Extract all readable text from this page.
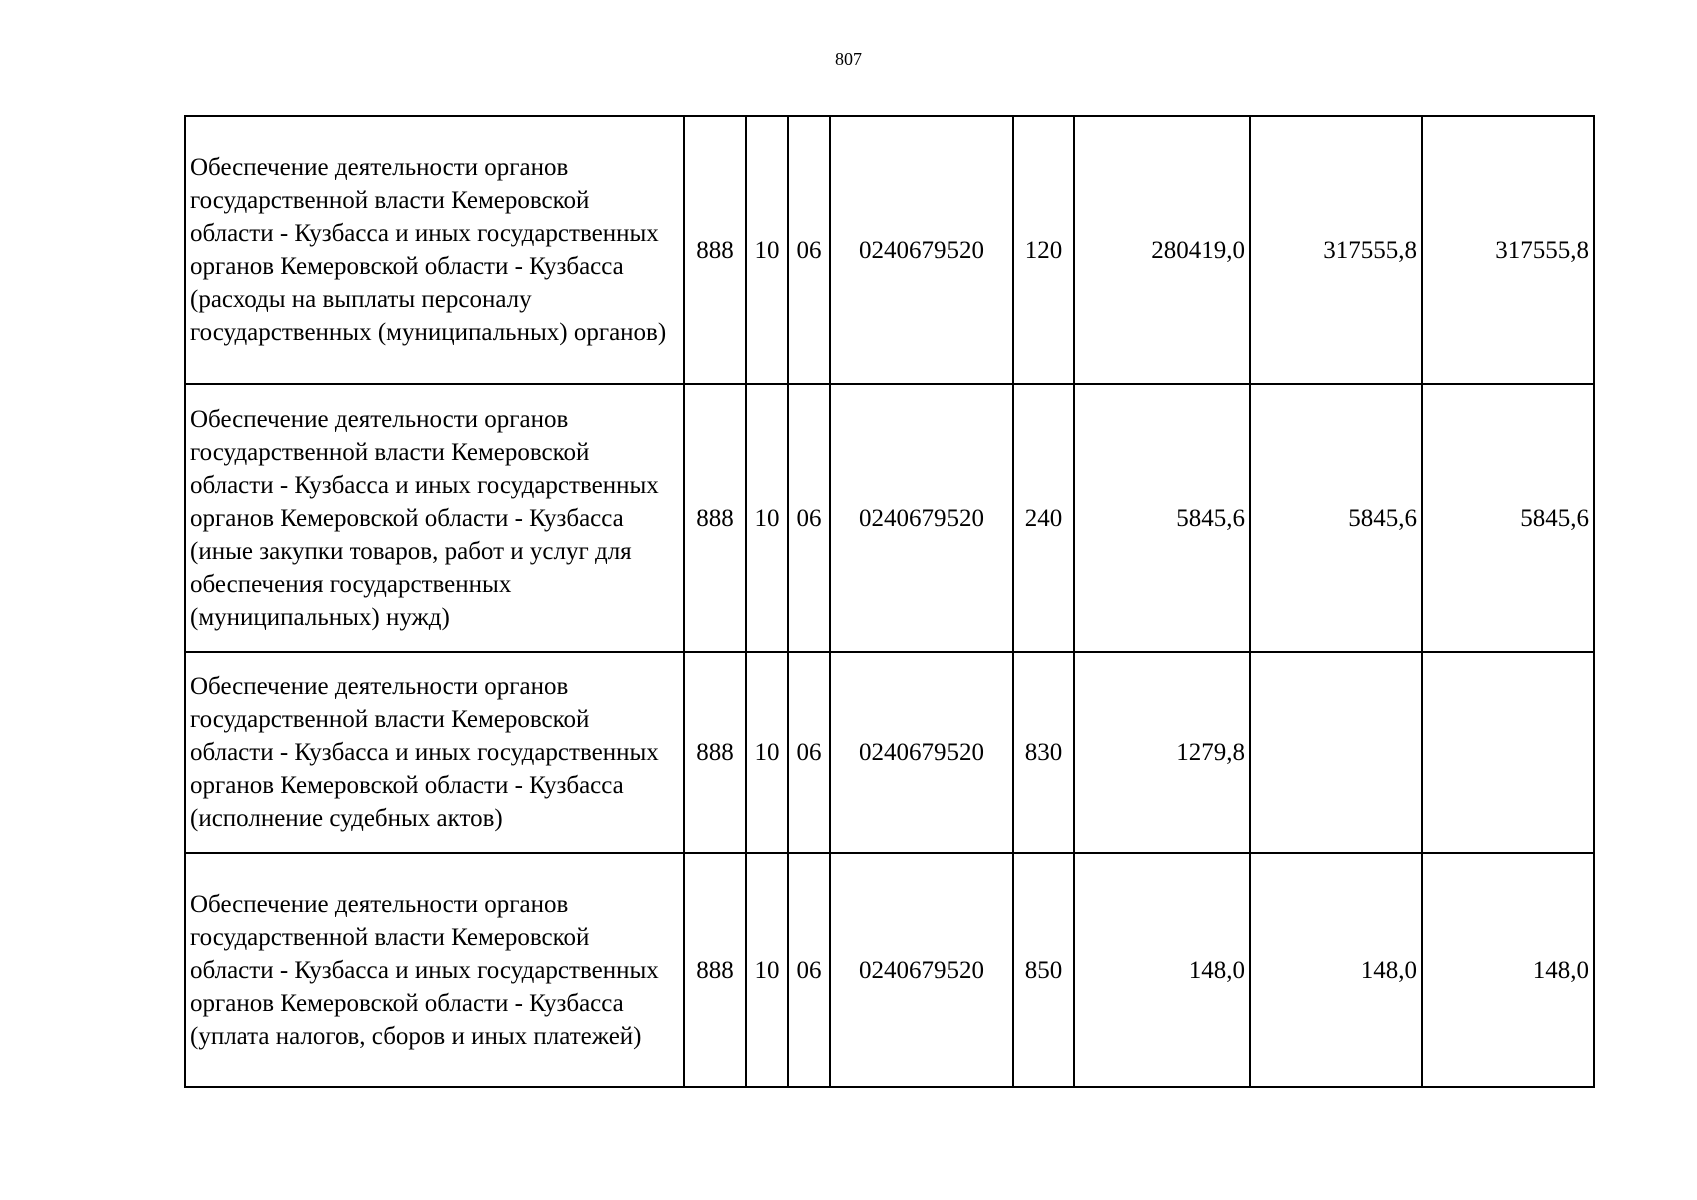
807
Обеспечение деятельности органов государственной власти Кемеровской области - Кузбасса и иных государственных органов Кемеровской области - Кузбасса (расходы на выплаты персоналу государственных (муниципальных) органов)	888	10	06	0240679520	120	280419,0	317555,8	317555,8
Обеспечение деятельности органов государственной власти Кемеровской области - Кузбасса и иных государственных органов Кемеровской области - Кузбасса (иные закупки товаров, работ и услуг для обеспечения государственных (муниципальных) нужд)	888	10	06	0240679520	240	5845,6	5845,6	5845,6
Обеспечение деятельности органов государственной власти Кемеровской области - Кузбасса и иных государственных органов Кемеровской области - Кузбасса (исполнение судебных актов)	888	10	06	0240679520	830	1279,8		
Обеспечение деятельности органов государственной власти Кемеровской области - Кузбасса и иных государственных органов Кемеровской области - Кузбасса (уплата налогов, сборов и иных платежей)	888	10	06	0240679520	850	148,0	148,0	148,0
